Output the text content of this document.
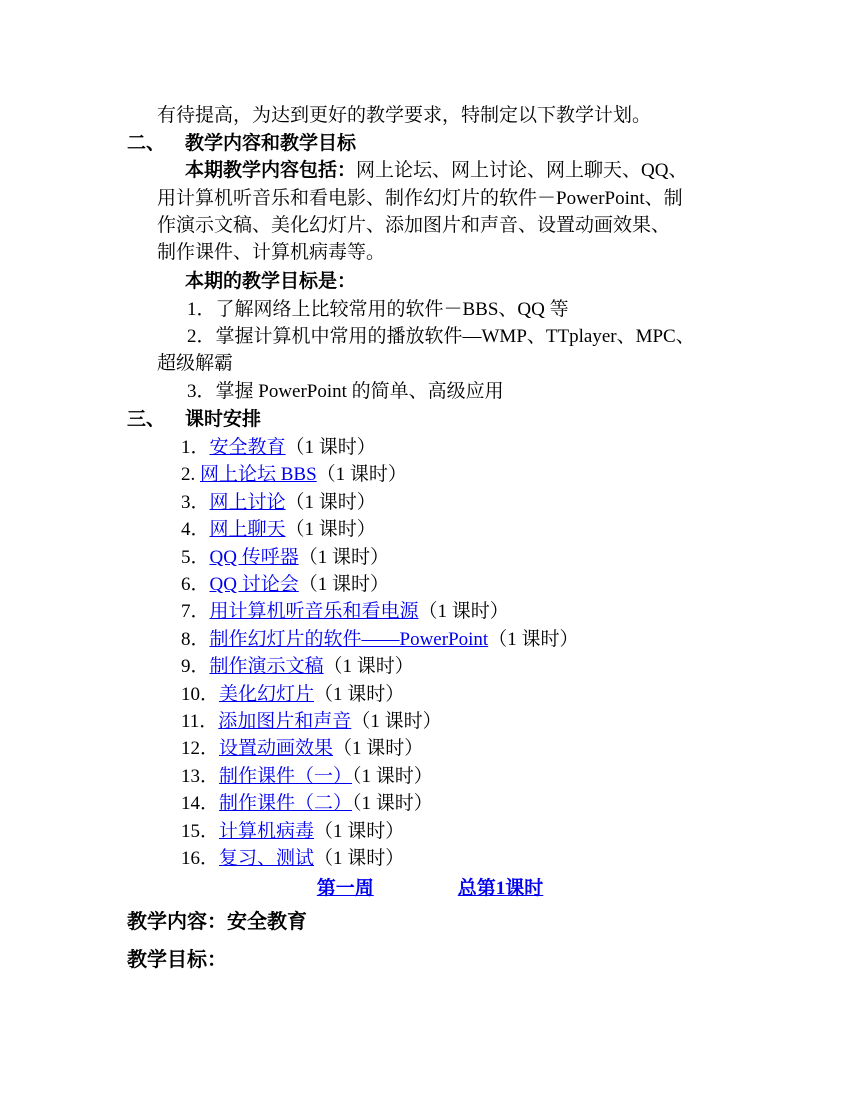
有待提高，为达到更好的教学要求，特制定以下教学计划。
二、 教学内容和教学目标
本期教学内容包括：网上论坛、网上讨论、网上聊天、QQ、
用计算机听音乐和看电影、制作幻灯片的软件－PowerPoint、制
作演示文稿、美化幻灯片、添加图片和声音、设置动画效果、
制作课件、计算机病毒等。
本期的教学目标是：
1．了解网络上比较常用的软件－BBS、QQ 等
2．掌握计算机中常用的播放软件—WMP、TTplayer、MPC、
超级解霸
3．掌握 PowerPoint 的简单、高级应用
三、 课时安排
1．安全教育（1 课时）
2. 网上论坛 BBS（1 课时）
3．网上讨论（1 课时）
4．网上聊天（1 课时）
5．QQ 传呼器（1 课时）
6．QQ 讨论会（1 课时）
7．用计算机听音乐和看电源（1 课时）
8．制作幻灯片的软件——PowerPoint（1 课时）
9．制作演示文稿（1 课时）
10．美化幻灯片（1 课时）
11．添加图片和声音（1 课时）
12．设置动画效果（1 课时）
13．制作课件（一）（1 课时）
14．制作课件（二）（1 课时）
15．计算机病毒（1 课时）
16．复习、测试（1 课时）
第一周	总第1课时
教学内容：安全教育
教学目标：
